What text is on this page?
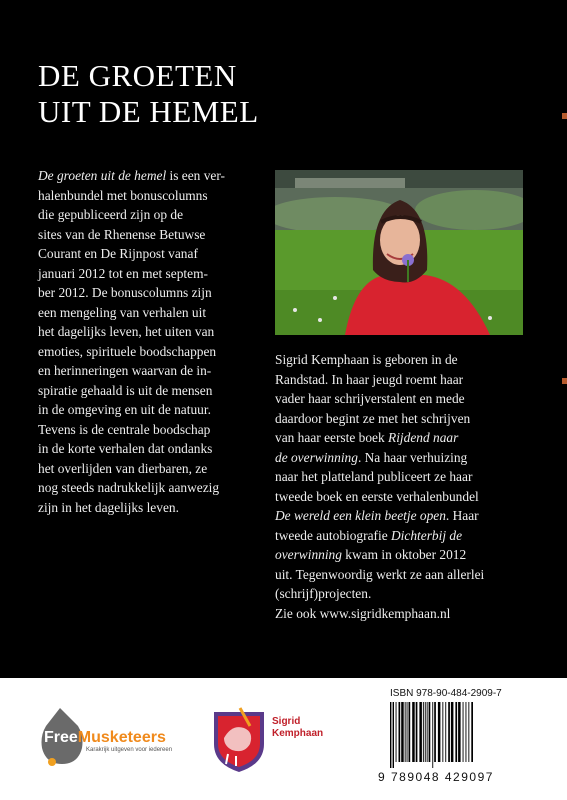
DE GROETEN
UIT DE HEMEL
De groeten uit de hemel is een ver-
halenbundel met bonuscolumns
die gepubliceerd zijn op de
sites van de Rhenense Betuwse
Courant en De Rijnpost vanaf
januari 2012 tot en met septem-
ber 2012. De bonuscolumns zijn
een mengeling van verhalen uit
het dagelijks leven, het uiten van
emoties, spirituele boodschappen
en herinneringen waarvan de in-
spiratie gehaald is uit de mensen
in de omgeving en uit de natuur.
Tevens is de centrale boodschap
in de korte verhalen dat ondanks
het overlijden van dierbaren, ze
nog steeds nadrukkelijk aanwezig
zijn in het dagelijks leven.
Sigrid Kemphaan is geboren in de
Randstad. In haar jeugd roemt haar
vader haar schrijverstalent en mede
daardoor begint ze met het schrijven
van haar eerste boek Rijdend naar
de overwinning. Na haar verhuizing
naar het platteland publiceert ze haar
tweede boek en eerste verhalenbundel
De wereld een klein beetje open. Haar
tweede autobiografie Dichterbij de
overwinning kwam in oktober 2012
uit. Tegenwoordig werkt ze aan allerlei
(schrijf)projecten.
Zie ook www.sigridkemphaan.nl
FreeMusketeers
Karakrijk uitgeven voor iedereen
Sigrid
Kemphaan
ISBN 978-90-484-2909-7
9 789048 429097
